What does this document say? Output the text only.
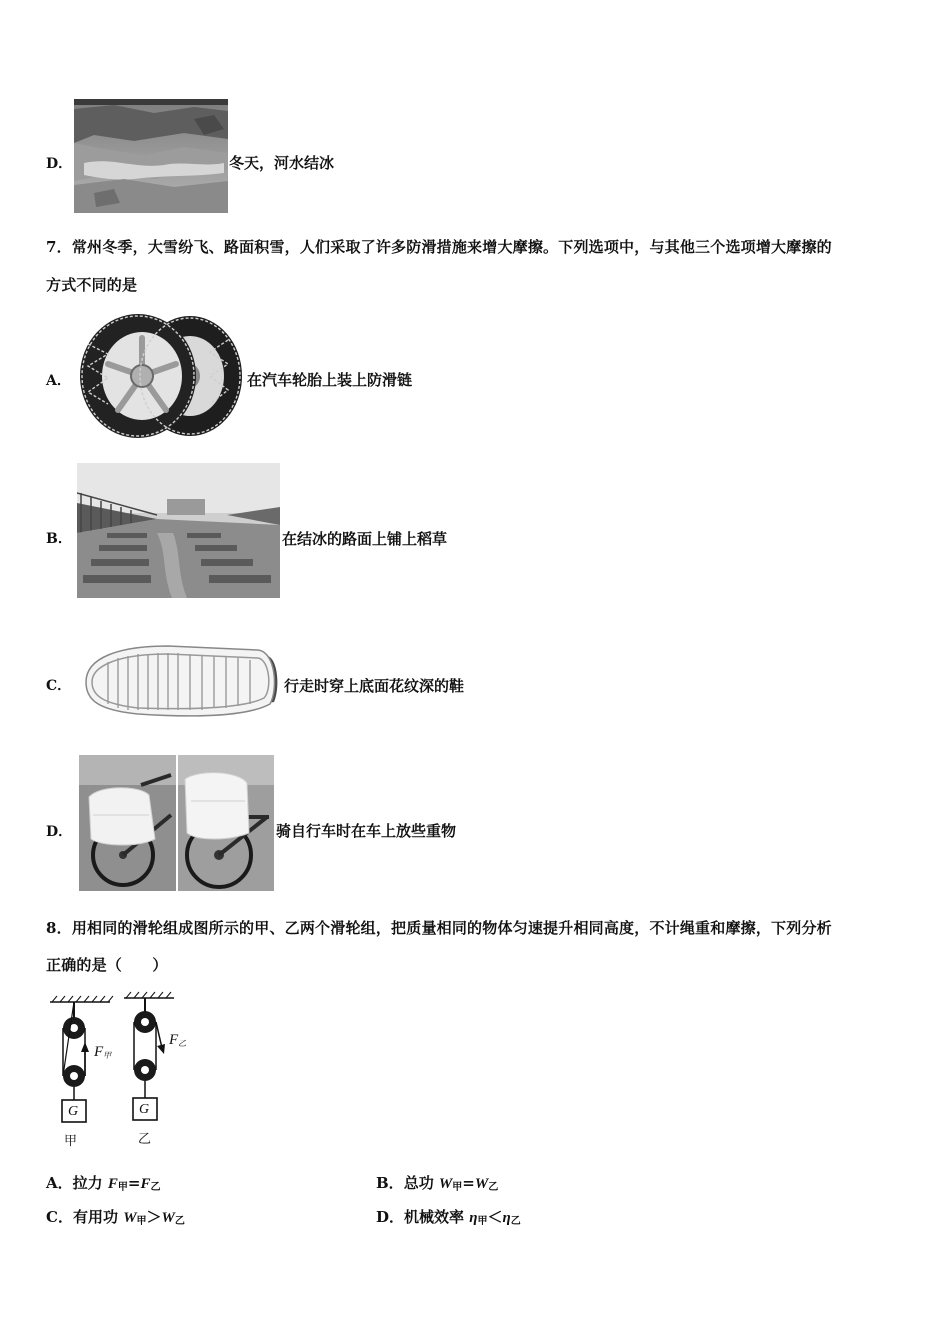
D．	冬天，河水结冰
7．常州冬季，大雪纷飞、路面积雪，人们采取了许多防滑措施来增大摩擦。下列选项中，与其他三个选项增大摩擦的
方式不同的是
A．	在汽车轮胎上装上防滑链
B．	在结冰的路面上铺上稻草
C．	行走时穿上底面花纹深的鞋
D．	骑自行车时在车上放些重物
8．用相同的滑轮组成图所示的甲、乙两个滑轮组，把质量相同的物体匀速提升相同高度，不计绳重和摩擦，下列分析
正确的是（　　）
G	G
$F_甲$
$F_乙$
甲	乙
A．拉力 $F_甲=F_乙$	B．总功 $W_甲=W_乙$
C．有用功 $W_甲>W_乙$	D．机械效率 $\eta_甲<\eta_乙$
